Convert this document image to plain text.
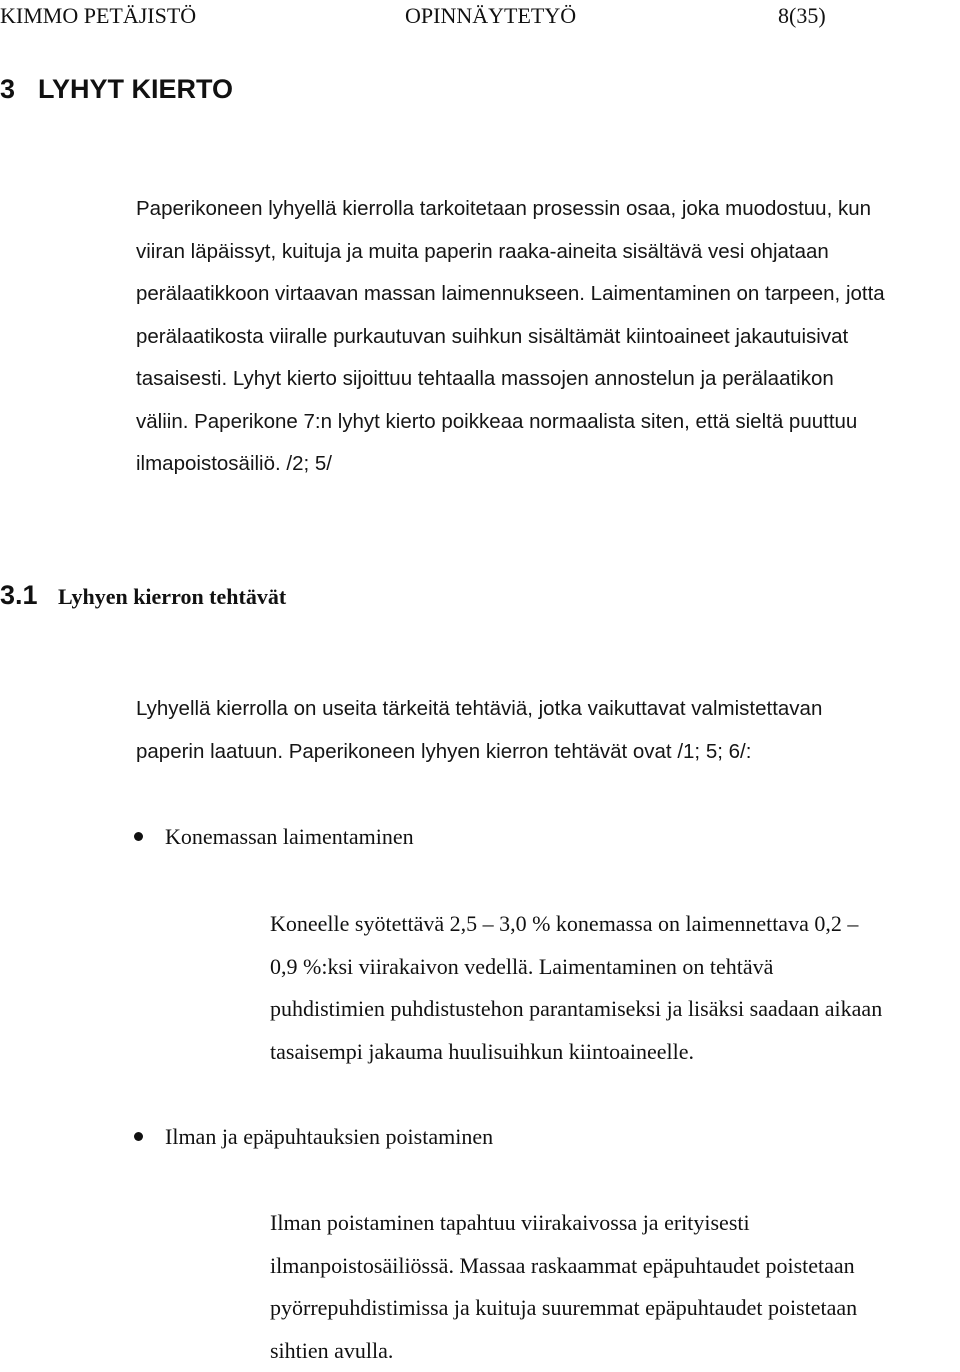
KIMMO PETÄJISTÖ	OPINNÄYTETYÖ	8(35)
3 LYHYT KIERTO
Paperikoneen lyhyellä kierrolla tarkoitetaan prosessin osaa, joka muodostuu, kun
viiran läpäissyt, kuituja ja muita paperin raaka-aineita sisältävä vesi ohjataan
perälaatikkoon virtaavan massan laimennukseen. Laimentaminen on tarpeen, jotta
perälaatikosta viiralle purkautuvan suihkun sisältämät kiintoaineet jakautuisivat
tasaisesti. Lyhyt kierto sijoittuu tehtaalla massojen annostelun ja perälaatikon
väliin. Paperikone 7:n lyhyt kierto poikkeaa normaalista siten, että sieltä puuttuu
ilmapoistosäiliö. /2; 5/
3.1 Lyhyen kierron tehtävät
Lyhyellä kierrolla on useita tärkeitä tehtäviä, jotka vaikuttavat valmistettavan
paperin laatuun. Paperikoneen lyhyen kierron tehtävät ovat /1; 5; 6/:
Konemassan laimentaminen
Koneelle syötettävä 2,5 – 3,0 % konemassa on laimennettava 0,2 –
0,9 %:ksi viirakaivon vedellä. Laimentaminen on tehtävä
puhdistimien puhdistustehon parantamiseksi ja lisäksi saadaan aikaan
tasaisempi jakauma huulisuihkun kiintoaineelle.
Ilman ja epäpuhtauksien poistaminen
Ilman poistaminen tapahtuu viirakaivossa ja erityisesti
ilmanpoistosäiliössä. Massaa raskaammat epäpuhtaudet poistetaan
pyörrepuhdistimissa ja kuituja suuremmat epäpuhtaudet poistetaan
sihtien avulla.
